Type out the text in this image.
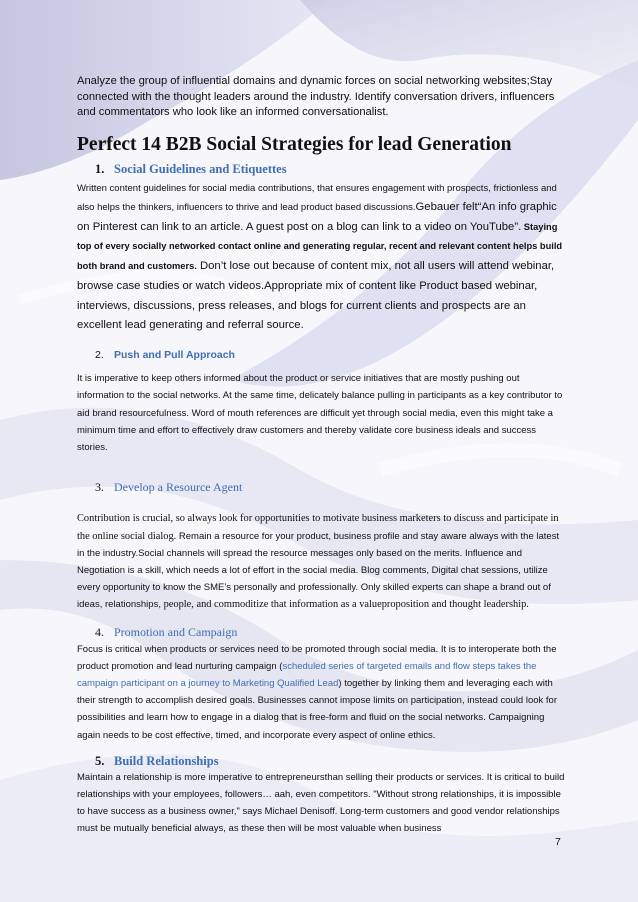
Analyze the group of influential domains and dynamic forces on social networking websites;Stay connected with the thought leaders around the industry. Identify conversation drivers, influencers and commentators who look like an informed conversationalist.

Perfect 14 B2B Social Strategies for lead Generation
1. Social Guidelines and Etiquettes

Written content guidelines for social media contributions, that ensures engagement with prospects, frictionless and also helps the thinkers, influencers to thrive and lead product based discussions.Gebauer felt“An info graphic on Pinterest can link to an article. A guest post on a blog can link to a video on YouTube”. Staying top of every socially networked contact online and generating regular, recent and relevant content helps build both brand and customers. Don’t lose out because of content mix, not all users will attend webinar, browse case studies or watch videos.Appropriate mix of content like Product based webinar, interviews, discussions, press releases, and blogs for current clients and prospects are an excellent lead generating and referral source.

2. Push and Pull Approach

It is imperative to keep others informed about the product or service initiatives that are mostly pushing out information to the social networks. At the same time, delicately balance pulling in participants as a key contributor to aid brand resourcefulness. Word of mouth references are difficult yet through social media, even this might take a minimum time and effort to effectively draw customers and thereby validate core business ideals and success stories.

3. Develop a Resource Agent

Contribution is crucial, so always look for opportunities to motivate business marketers to discuss and participate in the online social dialog. Remain a resource for your product, business profile and stay aware always with the latest in the industry.Social channels will spread the resource messages only based on the merits. Influence and Negotiation is a skill, which needs a lot of effort in the social media. Blog comments, Digital chat sessions, utilize every opportunity to know the SME’s personally and professionally. Only skilled experts can shape a brand out of ideas, relationships, people, and commoditize that information as a valueproposition and thought leadership.

4. Promotion and Campaign

Focus is critical when products or services need to be promoted through social media. It is to interoperate both the product promotion and lead nurturing campaign (scheduled series of targeted emails and flow steps takes the campaign participant on a journey to Marketing Qualified Lead) together by linking them and leveraging each with their strength to accomplish desired goals. Businesses cannot impose limits on participation, instead could look for possibilities and learn how to engage in a dialog that is free-form and fluid on the social networks. Campaigning again needs to be cost effective, timed, and incorporate every aspect of online ethics.

5. Build Relationships

Maintain a relationship is more imperative to entrepreneursthan selling their products or services. It is critical to build relationships with your employees, followers… aah, even competitors. "Without strong relationships, it is impossible to have success as a business owner," says Michael Denisoff. Long-term customers and good vendor relationships must be mutually beneficial always, as these then will be most valuable when business

7
